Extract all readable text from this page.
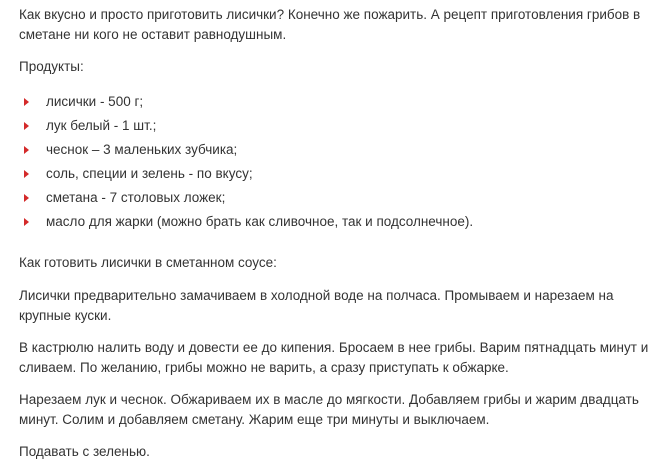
Как вкусно и просто приготовить лисички? Конечно же пожарить. А рецепт приготовления грибов в сметане ни кого не оставит равнодушным.

Продукты:

лисички - 500 г;
лук белый - 1 шт.;
чеснок – 3 маленьких зубчика;
соль, специи и зелень - по вкусу;
сметана - 7 столовых ложек;
масло для жарки (можно брать как сливочное, так и подсолнечное).

Как готовить лисички в сметанном соусе:

Лисички предварительно замачиваем в холодной воде на полчаса. Промываем и нарезаем на крупные куски.

В кастрюлю налить воду и довести ее до кипения. Бросаем в нее грибы. Варим пятнадцать минут и сливаем. По желанию, грибы можно не варить, а сразу приступать к обжарке.

Нарезаем лук и чеснок. Обжариваем их в масле до мягкости. Добавляем грибы и жарим двадцать минут. Солим и добавляем сметану. Жарим еще три минуты и выключаем.

Подавать с зеленью.
